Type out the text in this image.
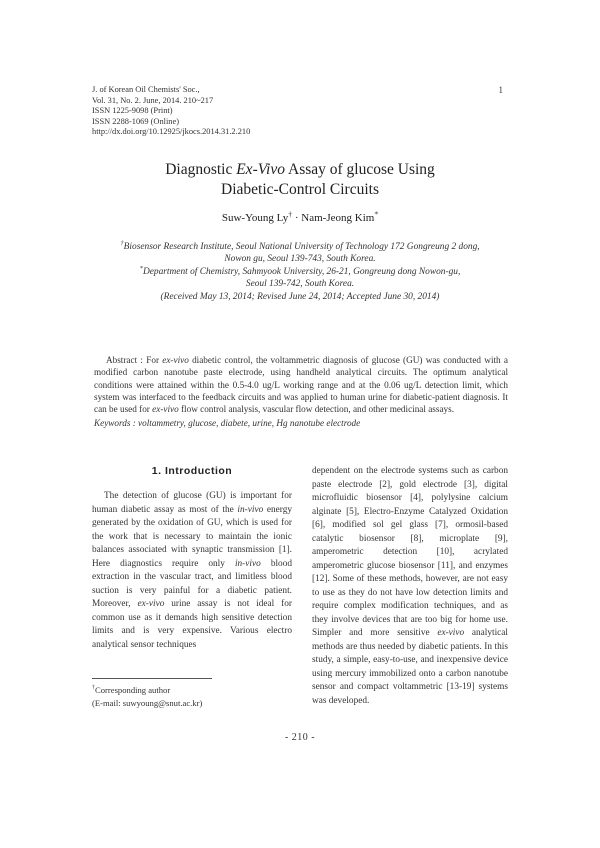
J. of Korean Oil Chemists' Soc.,
Vol. 31, No. 2. June, 2014. 210~217
ISSN 1225-9098 (Print)
ISSN 2288-1069 (Online)
http://dx.doi.org/10.12925/jkocs.2014.31.2.210
1
Diagnostic Ex-Vivo Assay of glucose Using
Diabetic-Control Circuits
Suw-Young Ly† · Nam-Jeong Kim*
†Biosensor Research Institute, Seoul National University of Technology 172 Gongreung 2 dong,
Nowon gu, Seoul 139-743, South Korea.
*Department of Chemistry, Sahmyook University, 26-21, Gongreung dong Nowon-gu,
Seoul 139-742, South Korea.
(Received May 13, 2014; Revised June 24, 2014; Accepted June 30, 2014)

Abstract : For ex-vivo diabetic control, the voltammetric diagnosis of glucose (GU) was conducted with a modified carbon nanotube paste electrode, using handheld analytical circuits. The optimum analytical conditions were attained within the 0.5-4.0 ug/L working range and at the 0.06 ug/L detection limit, which system was interfaced to the feedback circuits and was applied to human urine for diabetic-patient diagnosis. It can be used for ex-vivo flow control analysis, vascular flow detection, and other medicinal assays.

Keywords : voltammetry, glucose, diabete, urine, Hg nanotube electrode
1. Introduction

The detection of glucose (GU) is important for human diabetic assay as most of the in-vivo energy generated by the oxidation of GU, which is used for the work that is necessary to maintain the ionic balances associated with synaptic transmission [1]. Here diagnostics require only in-vivo blood extraction in the vascular tract, and limitless blood suction is very painful for a diabetic patient. Moreover, ex-vivo urine assay is not ideal for common use as it demands high sensitive detection limits and is very expensive. Various electro analytical sensor techniques

dependent on the electrode systems such as carbon paste electrode [2], gold electrode [3], digital microfluidic biosensor [4], polylysine calcium alginate [5], Electro-Enzyme Catalyzed Oxidation [6], modified sol gel glass [7], ormosil-based catalytic biosensor [8], microplate [9], amperometric detection [10], acrylated amperometric glucose biosensor [11], and enzymes [12]. Some of these methods, however, are not easy to use as they do not have low detection limits and require complex modification techniques, and as they involve devices that are too big for home use. Simpler and more sensitive ex-vivo analytical methods are thus needed by diabetic patients. In this study, a simple, easy-to-use, and inexpensive device using mercury immobilized onto a carbon nanotube sensor and compact voltammetric [13-19] systems was developed.

†Corresponding author
(E-mail: suwyoung@snut.ac.kr)
- 210 -
